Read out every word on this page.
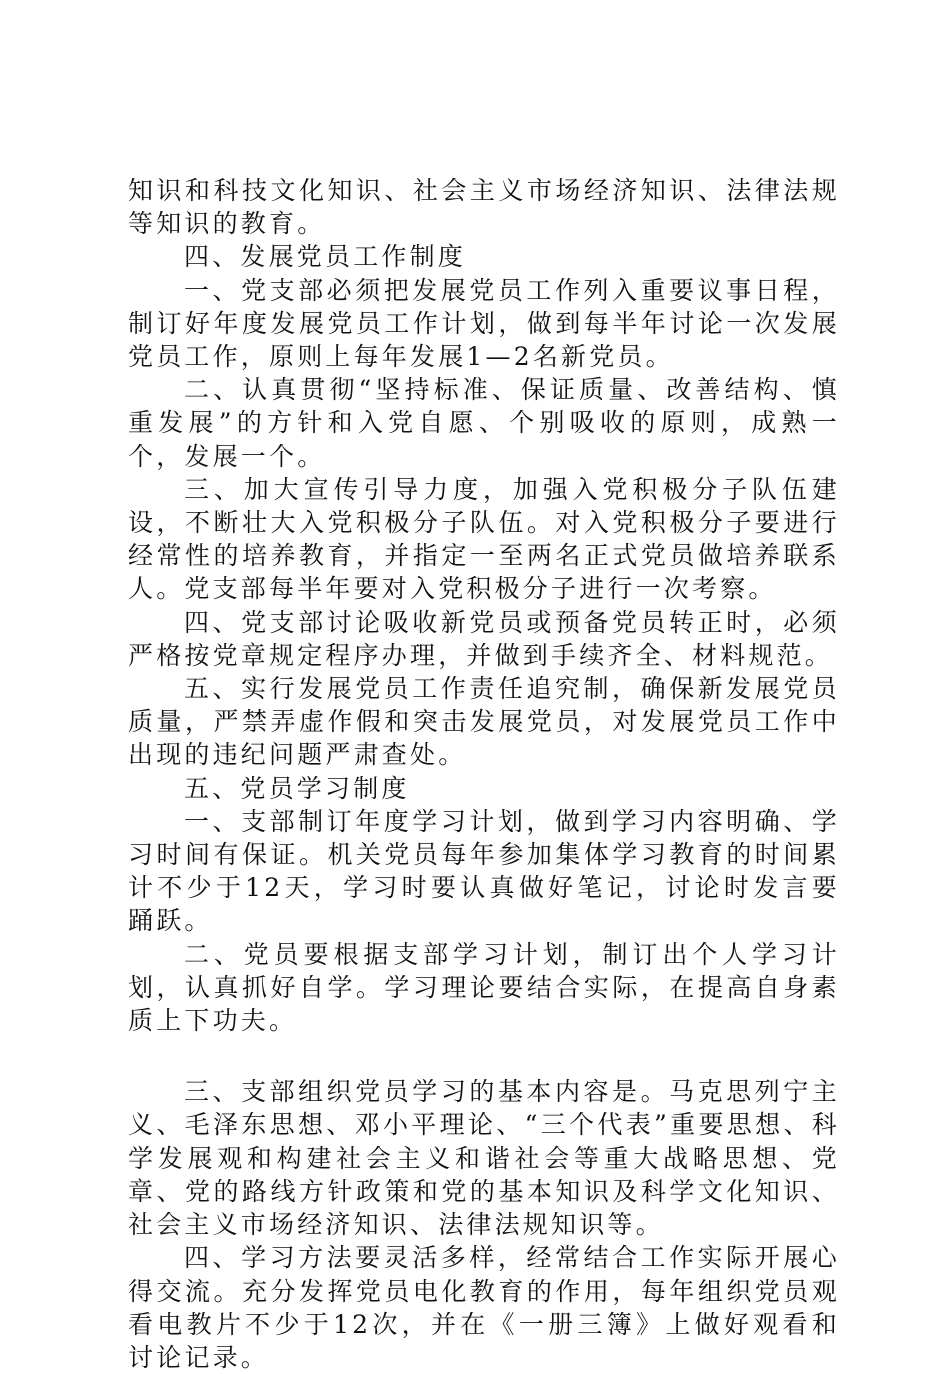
知识和科技文化知识、社会主义市场经济知识、法律法规等知识的教育。

四、发展党员工作制度

一、党支部必须把发展党员工作列入重要议事日程，制订好年度发展党员工作计划，做到每半年讨论一次发展党员工作，原则上每年发展1—2名新党员。

二、认真贯彻“坚持标准、保证质量、改善结构、慎重发展”的方针和入党自愿、个别吸收的原则，成熟一个，发展一个。

三、加大宣传引导力度，加强入党积极分子队伍建设，不断壮大入党积极分子队伍。对入党积极分子要进行经常性的培养教育，并指定一至两名正式党员做培养联系人。党支部每半年要对入党积极分子进行一次考察。

四、党支部讨论吸收新党员或预备党员转正时，必须严格按党章规定程序办理，并做到手续齐全、材料规范。

五、实行发展党员工作责任追究制，确保新发展党员质量，严禁弄虚作假和突击发展党员，对发展党员工作中出现的违纪问题严肃查处。

五、党员学习制度

一、支部制订年度学习计划，做到学习内容明确、学习时间有保证。机关党员每年参加集体学习教育的时间累计不少于12天，学习时要认真做好笔记，讨论时发言要踊跃。

二、党员要根据支部学习计划，制订出个人学习计划，认真抓好自学。学习理论要结合实际，在提高自身素质上下功夫。

三、支部组织党员学习的基本内容是。马克思列宁主义、毛泽东思想、邓小平理论、“三个代表”重要思想、科学发展观和构建社会主义和谐社会等重大战略思想、党章、党的路线方针政策和党的基本知识及科学文化知识、社会主义市场经济知识、法律法规知识等。

四、学习方法要灵活多样，经常结合工作实际开展心得交流。充分发挥党员电化教育的作用，每年组织党员观看电教片不少于12次，并在《一册三簿》上做好观看和讨论记录。
